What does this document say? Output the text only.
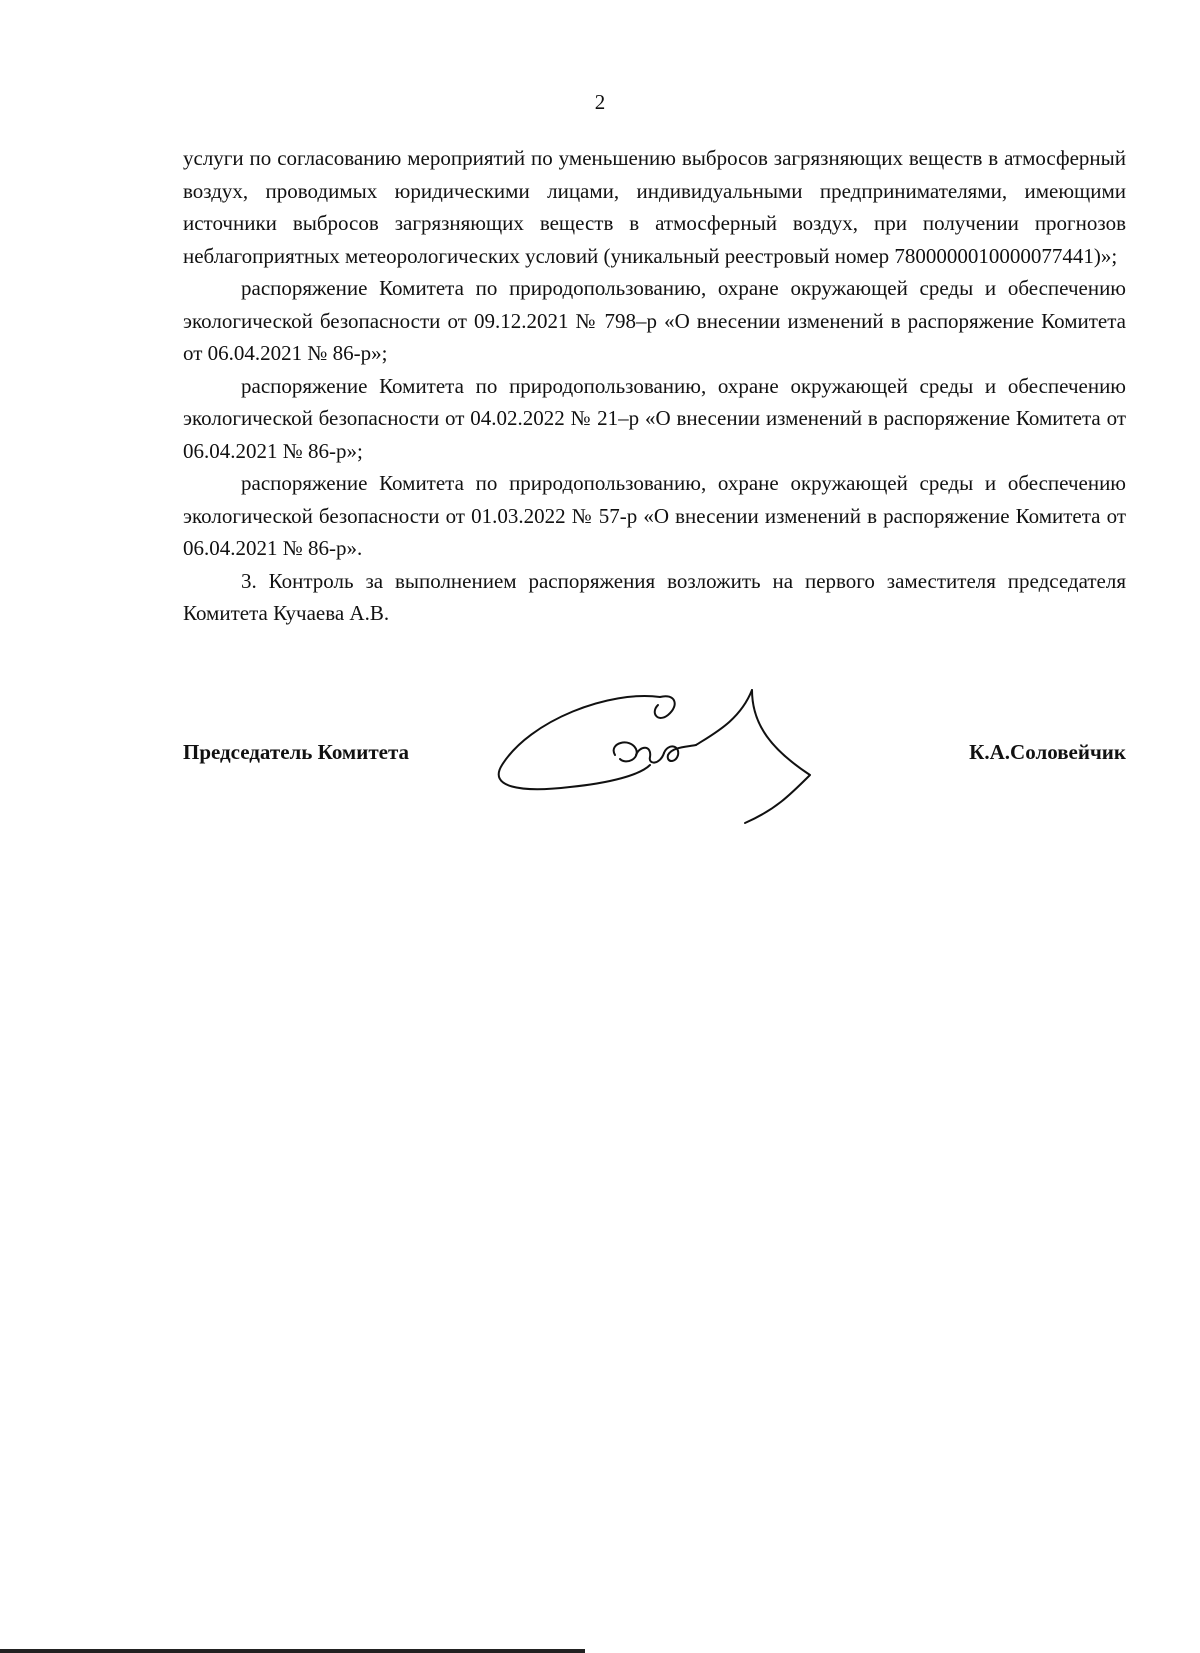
2

услуги по согласованию мероприятий по уменьшению выбросов загрязняющих веществ в атмосферный воздух, проводимых юридическими лицами, индивидуальными предпринимателями, имеющими источники выбросов загрязняющих веществ в атмосферный воздух, при получении прогнозов неблагоприятных метеорологических условий (уникальный реестровый номер 7800000010000077441)»;

распоряжение Комитета по природопользованию, охране окружающей среды и обеспечению экологической безопасности от 09.12.2021 № 798–р «О внесении изменений в распоряжение Комитета от 06.04.2021 № 86-р»;

распоряжение Комитета по природопользованию, охране окружающей среды и обеспечению экологической безопасности от 04.02.2022 № 21–р «О внесении изменений в распоряжение Комитета от 06.04.2021 № 86-р»;

распоряжение Комитета по природопользованию, охране окружающей среды и обеспечению экологической безопасности от 01.03.2022 № 57-р «О внесении изменений в распоряжение Комитета от 06.04.2021 № 86-р».

3. Контроль за выполнением распоряжения возложить на первого заместителя председателя Комитета Кучаева А.В.

Председатель Комитета	К.А.Соловейчик
